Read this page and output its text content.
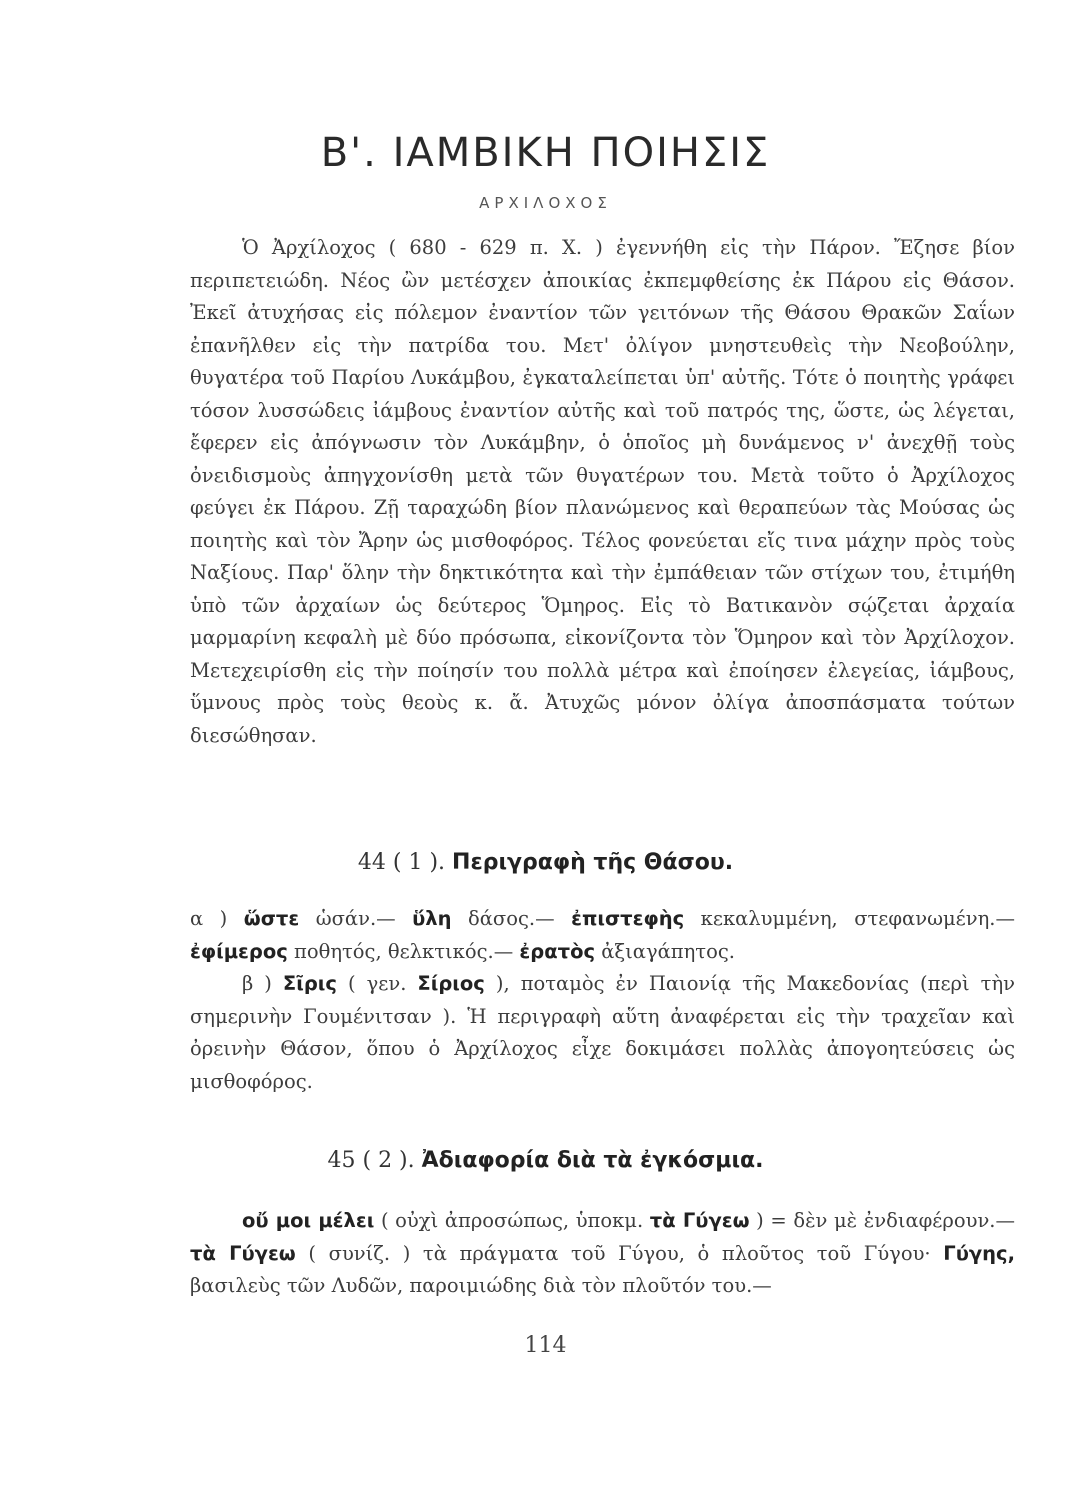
Β'. ΙΑΜΒΙΚΗ ΠΟΙΗΣΙΣ
ΑΡΧΙΛΟΧΟΣ

Ὁ Ἀρχίλοχος ( 680 - 629 π. Χ. ) ἐγεννήθη εἰς τὴν Πάρον. Ἔζησε βίον περιπετειώδη. Νέος ὢν μετέσχεν ἀποικίας ἐκπεμφθείσης ἐκ Πάρου εἰς Θάσον. Ἐκεῖ ἀτυχήσας εἰς πόλεμον ἐναντίον τῶν γειτόνων τῆς Θάσου Θρακῶν Σαΐων ἐπανῆλθεν εἰς τὴν πατρίδα του. Μετ' ὀλίγον μνηστευθεὶς τὴν Νεοβούλην, θυγατέρα τοῦ Παρίου Λυκάμβου, ἐγκαταλείπεται ὑπ' αὐτῆς. Τότε ὁ ποιητὴς γράφει τόσον λυσσώδεις ἰάμβους ἐναντίον αὐτῆς καὶ τοῦ πατρός της, ὥστε, ὡς λέγεται, ἔφερεν εἰς ἀπόγνωσιν τὸν Λυκάμβην, ὁ ὁποῖος μὴ δυνάμενος ν' ἀνεχθῇ τοὺς ὀνειδισμοὺς ἀπηγχονίσθη μετὰ τῶν θυγατέρων του. Μετὰ τοῦτο ὁ Ἀρχίλοχος φεύγει ἐκ Πάρου. Ζῇ ταραχώδη βίον πλανώμενος καὶ θεραπεύων τὰς Μούσας ὡς ποιητὴς καὶ τὸν Ἄρην ὡς μισθοφόρος. Τέλος φονεύεται εἴς τινα μάχην πρὸς τοὺς Ναξίους. Παρ' ὅλην τὴν δηκτικότητα καὶ τὴν ἐμπάθειαν τῶν στίχων του, ἐτιμήθη ὑπὸ τῶν ἀρχαίων ὡς δεύτερος Ὅμηρος. Εἰς τὸ Βατικανὸν σῴζεται ἀρχαία μαρμαρίνη κεφαλὴ μὲ δύο πρόσωπα, εἰκονίζοντα τὸν Ὅμηρον καὶ τὸν Ἀρχίλοχον. Μετεχειρίσθη εἰς τὴν ποίησίν του πολλὰ μέτρα καὶ ἐποίησεν ἐλεγείας, ἰάμβους, ὕμνους πρὸς τοὺς θεοὺς κ. ἄ. Ἀτυχῶς μόνον ὀλίγα ἀποσπάσματα τούτων διεσώθησαν.

44 ( 1 ). Περιγραφὴ τῆς Θάσου.

α ) ὥστε ὡσάν.— ὕλη δάσος.— ἐπιστεφὴς κεκαλυμμένη, στεφανωμένη.— ἐφίμερος ποθητός, θελκτικός.— ἐρατὸς ἀξιαγάπητος.

β ) Σῖρις ( γεν. Σίριος ), ποταμὸς ἐν Παιονίᾳ τῆς Μακεδονίας (περὶ τὴν σημερινὴν Γουμένιτσαν ). Ἡ περιγραφὴ αὕτη ἀναφέρεται εἰς τὴν τραχεῖαν καὶ ὀρεινὴν Θάσον, ὅπου ὁ Ἀρχίλοχος εἶχε δοκιμάσει πολλὰς ἀπογοητεύσεις ὡς μισθοφόρος.

45 ( 2 ). Ἀδιαφορία διὰ τὰ ἐγκόσμια.

οὔ μοι μέλει ( οὐχὶ ἀπροσώπως, ὑποκμ. τὰ Γύγεω ) = δὲν μὲ ἐνδιαφέρουν.— τὰ Γύγεω ( συνίζ. ) τὰ πράγματα τοῦ Γύγου, ὁ πλοῦτος τοῦ Γύγου· Γύγης, βασιλεὺς τῶν Λυδῶν, παροιμιώδης διὰ τὸν πλοῦτόν του.—

114
